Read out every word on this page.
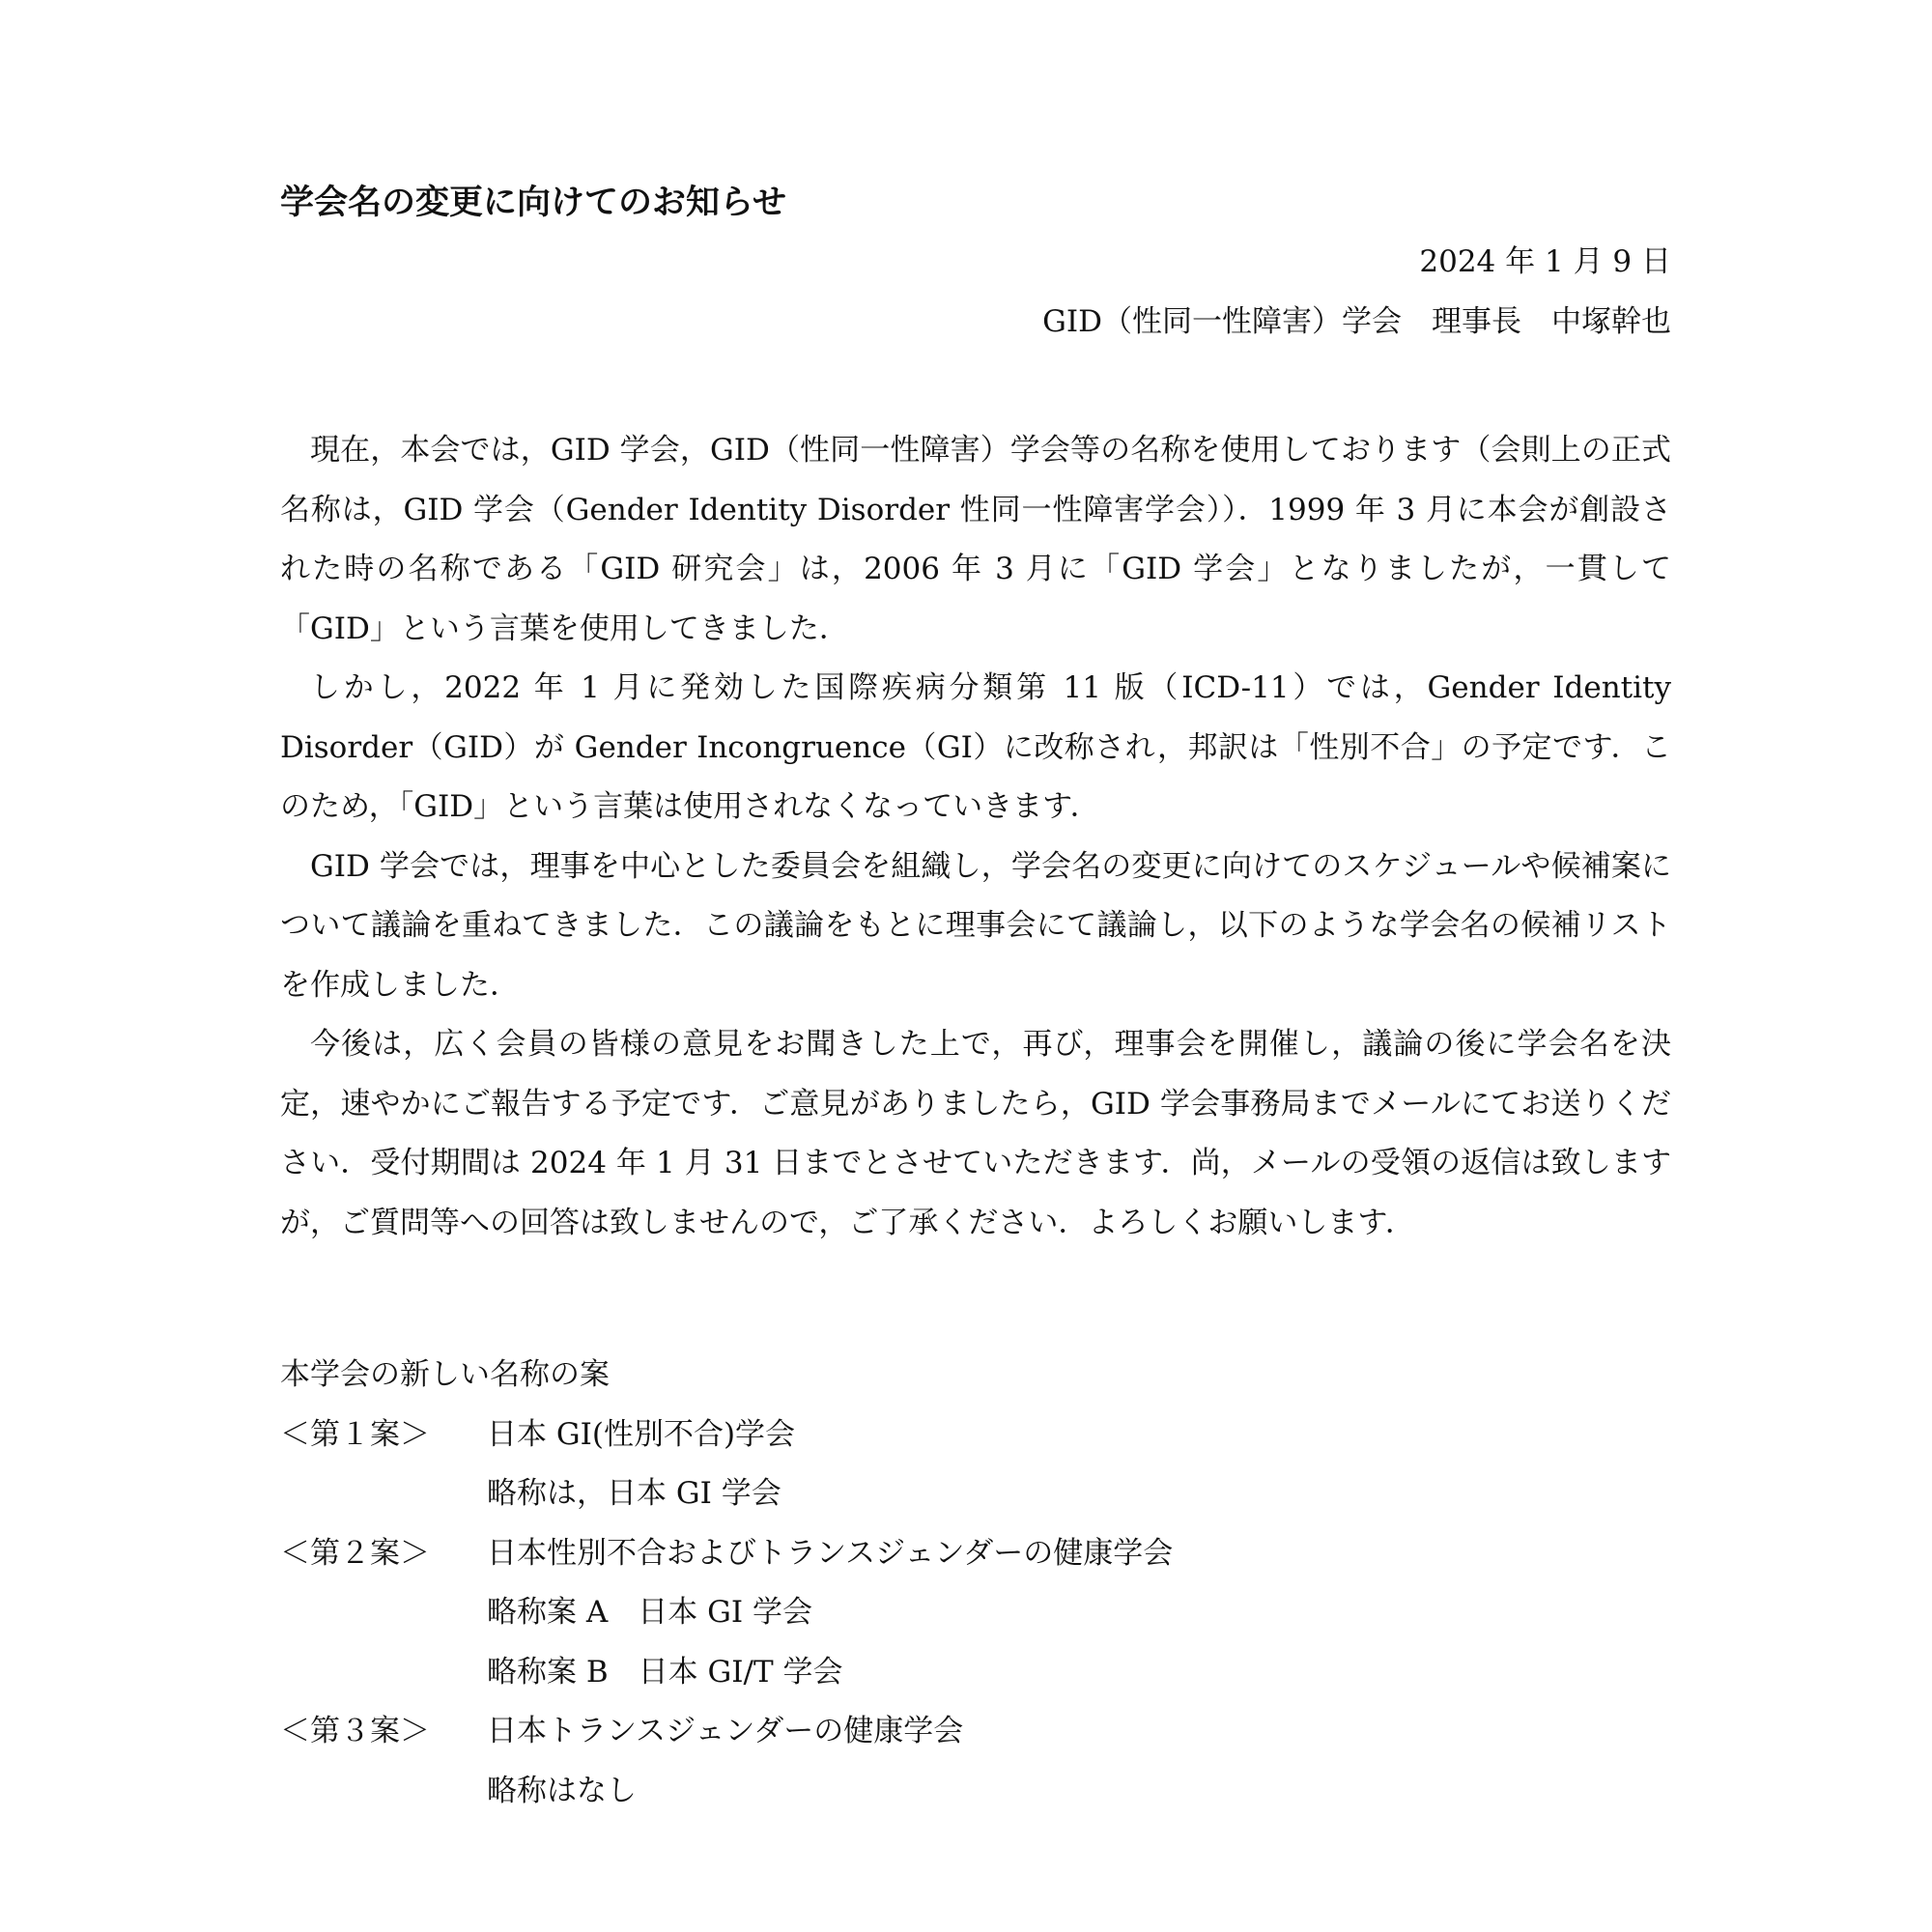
学会名の変更に向けてのお知らせ
2024 年 1 月 9 日
GID（性同一性障害）学会　理事長　中塚幹也

現在，本会では，GID 学会，GID（性同一性障害）学会等の名称を使用しております（会則上の正式名称は，GID 学会（Gender Identity Disorder 性同一性障害学会））．1999 年 3 月に本会が創設された時の名称である「GID 研究会」は，2006 年 3 月に「GID 学会」となりましたが，一貫して「GID」という言葉を使用してきました．

しかし，2022 年 1 月に発効した国際疾病分類第 11 版（ICD-11）では，Gender Identity Disorder（GID）が Gender Incongruence（GI）に改称され，邦訳は「性別不合」の予定です．このため，「GID」という言葉は使用されなくなっていきます．

GID 学会では，理事を中心とした委員会を組織し，学会名の変更に向けてのスケジュールや候補案について議論を重ねてきました．この議論をもとに理事会にて議論し，以下のような学会名の候補リストを作成しました．

今後は，広く会員の皆様の意見をお聞きした上で，再び，理事会を開催し，議論の後に学会名を決定，速やかにご報告する予定です．ご意見がありましたら，GID 学会事務局までメールにてお送りください．受付期間は 2024 年 1 月 31 日までとさせていただきます．尚，メールの受領の返信は致しますが，ご質問等への回答は致しませんので，ご了承ください．よろしくお願いします．

本学会の新しい名称の案
＜第１案＞	日本 GI(性別不合)学会
略称は，日本 GI 学会
＜第２案＞	日本性別不合およびトランスジェンダーの健康学会
略称案 A　日本 GI 学会
略称案 B　日本 GI/T 学会
＜第３案＞	日本トランスジェンダーの健康学会
略称はなし
